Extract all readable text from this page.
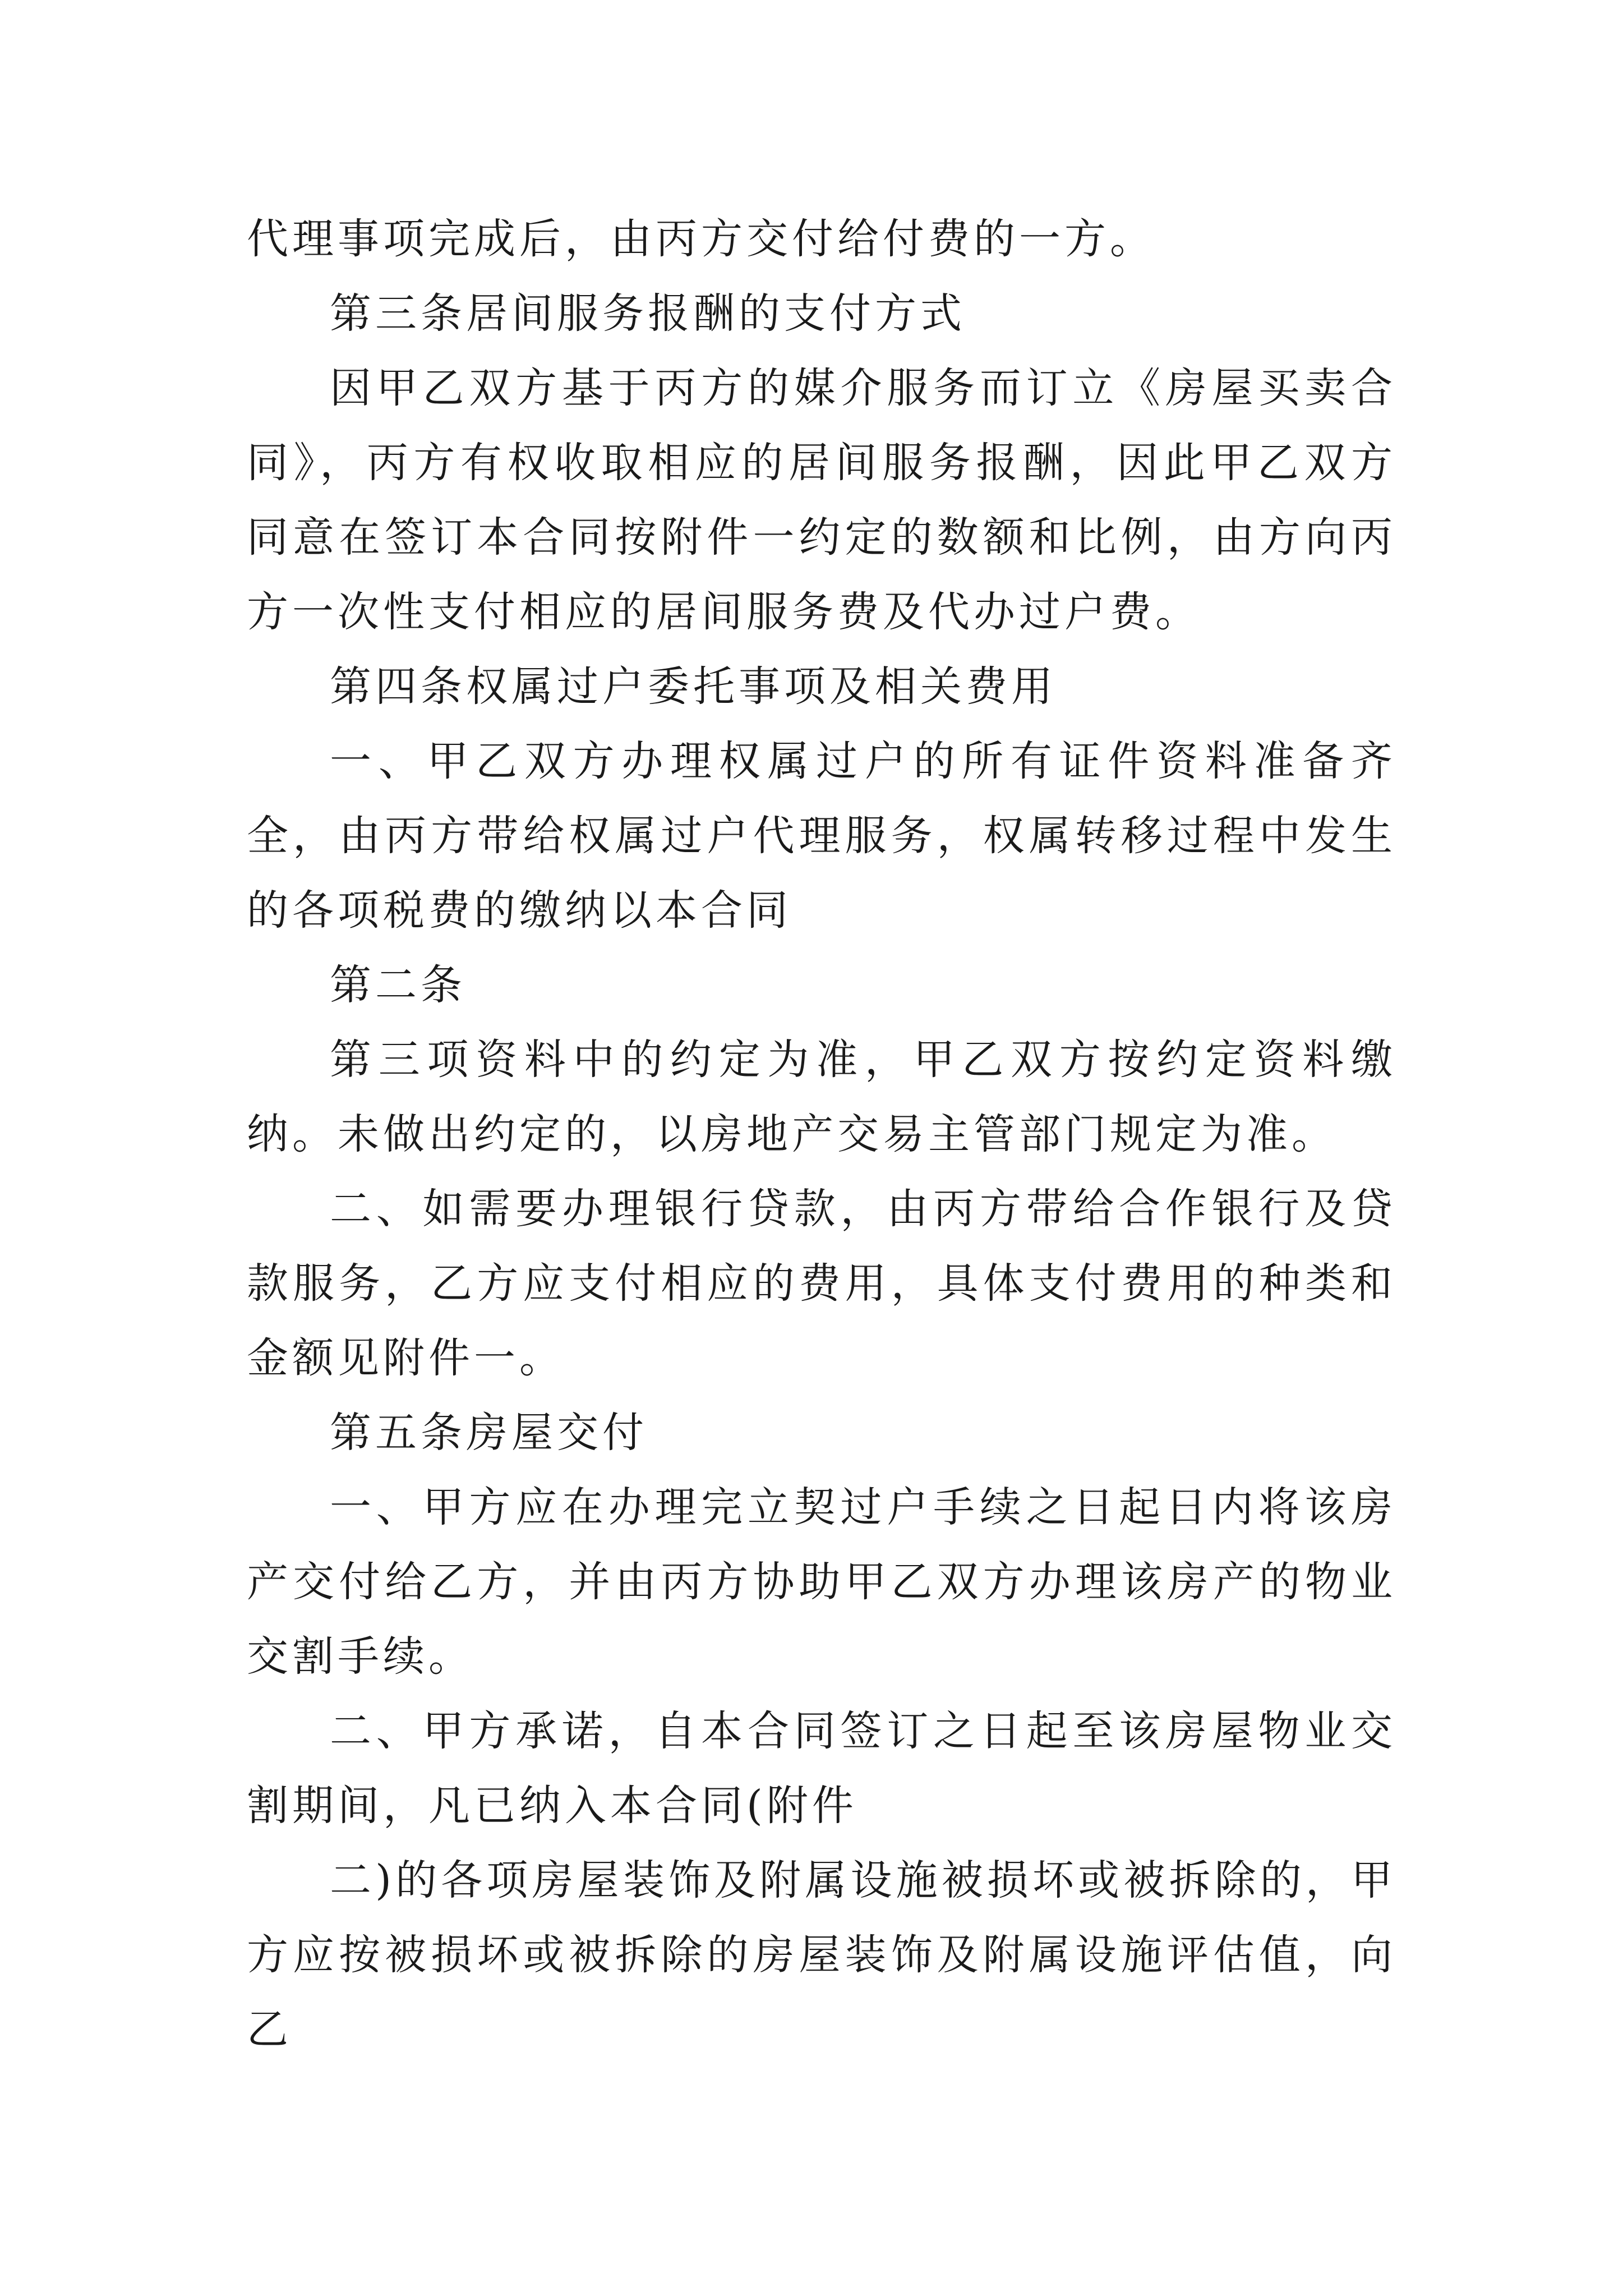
代理事项完成后，由丙方交付给付费的一方。

第三条居间服务报酬的支付方式

因甲乙双方基于丙方的媒介服务而订立《房屋买卖合同》，丙方有权收取相应的居间服务报酬，因此甲乙双方同意在签订本合同按附件一约定的数额和比例，由方向丙方一次性支付相应的居间服务费及代办过户费。

第四条权属过户委托事项及相关费用

一、甲乙双方办理权属过户的所有证件资料准备齐全，由丙方带给权属过户代理服务，权属转移过程中发生的各项税费的缴纳以本合同

第二条

第三项资料中的约定为准，甲乙双方按约定资料缴纳。未做出约定的，以房地产交易主管部门规定为准。

二、如需要办理银行贷款，由丙方带给合作银行及贷款服务，乙方应支付相应的费用，具体支付费用的种类和金额见附件一。

第五条房屋交付

一、甲方应在办理完立契过户手续之日起日内将该房产交付给乙方，并由丙方协助甲乙双方办理该房产的物业交割手续。

二、甲方承诺，自本合同签订之日起至该房屋物业交割期间，凡已纳入本合同(附件

二)的各项房屋装饰及附属设施被损坏或被拆除的，甲方应按被损坏或被拆除的房屋装饰及附属设施评估值，向乙
